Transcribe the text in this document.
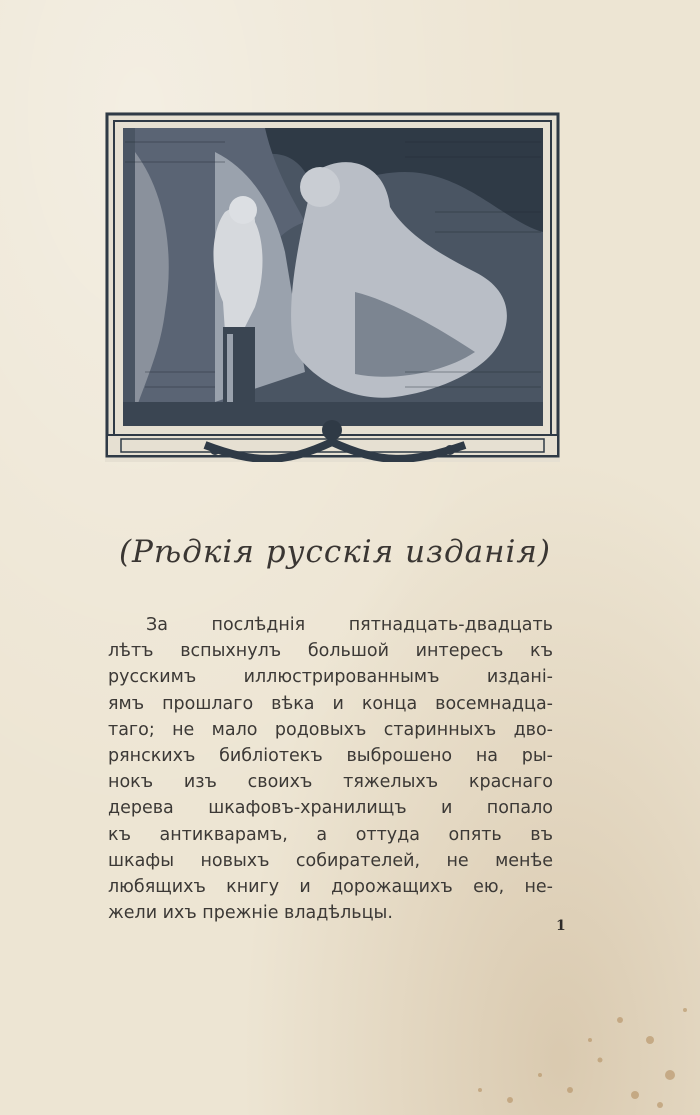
(Рѣдкія русскія изданія)
За послѣднія пятнадцать-двадцать
лѣтъ вспыхнулъ большой интересъ къ
русскимъ иллюстрированнымъ издані-
ямъ прошлаго вѣка и конца восемнадца-
таго; не мало родовыхъ старинныхъ дво-
рянскихъ библіотекъ выброшено на ры-
нокъ изъ своихъ тяжелыхъ краснаго
дерева шкафовъ-хранилищъ и попало
къ антикварамъ, а оттуда опять въ
шкафы новыхъ собирателей, не менѣе
любящихъ книгу и дорожащихъ ею, не-
жели ихъ прежніе владѣльцы.
1
